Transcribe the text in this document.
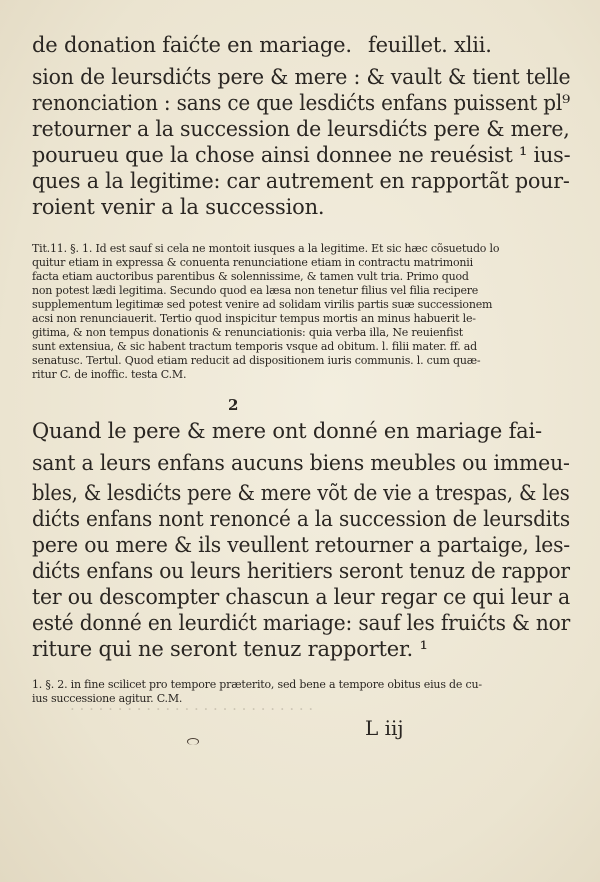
de donation faićte en mariage. feuillet. xlii.
sion de leursdićts pere & mere : & vault & tient telle
renonciation : sans ce que lesdićts enfans puissent pl⁹
retourner a la succession de leursdićts pere & mere,
pourueu que la chose ainsi donnee ne reuésist ¹ ius-
ques a la legitime: car autrement en rapportãt pour-
roient venir a la succession.
Tit.11. §. 1. Id est sauf si cela ne montoit iusques a la legitime. Et sic hæc cõsuetudo lo
quitur etiam in expressa & conuenta renunciatione etiam in contractu matrimonii
facta etiam auctoribus parentibus & solennissime, & tamen vult tria. Primo quod
non potest lædi legitima. Secundo quod ea læsa non tenetur filius vel filia recipere
supplementum legitimæ sed potest venire ad solidam virilis partis suæ successionem
acsi non renunciauerit. Tertio quod inspicitur tempus mortis an minus habuerit le-
gitima, & non tempus donationis & renunciationis: quia verba illa, Ne reuienfist
sunt extensiua, & sic habent tractum temporis vsque ad obitum. l. filii mater. ff. ad
senatusc. Tertul. Quod etiam reducit ad dispositionem iuris communis. l. cum quæ-
ritur C. de inoffic. testa C.M.
2
Quand le pere & mere ont donné en mariage fai-
sant a leurs enfans aucuns biens meubles ou immeu-
bles, & lesdićts pere & mere võt de vie a trespas, & les
dićts enfans nont renoncé a la succession de leursdits
pere ou mere & ils veullent retourner a partaige, les-
dićts enfans ou leurs heritiers seront tenuz de rappor
ter ou descompter chascun a leur regar ce qui leur a
esté donné en leurdićt mariage: sauf les fruićts & nor
riture qui ne seront tenuz rapporter. ¹
1. §. 2. in fine scilicet pro tempore præterito, sed bene a tempore obitus eius de cu-
ius successione agitur. C.M.
· · · · · · · · · · · · · · · · · · · · · · · · · ·
L iij
